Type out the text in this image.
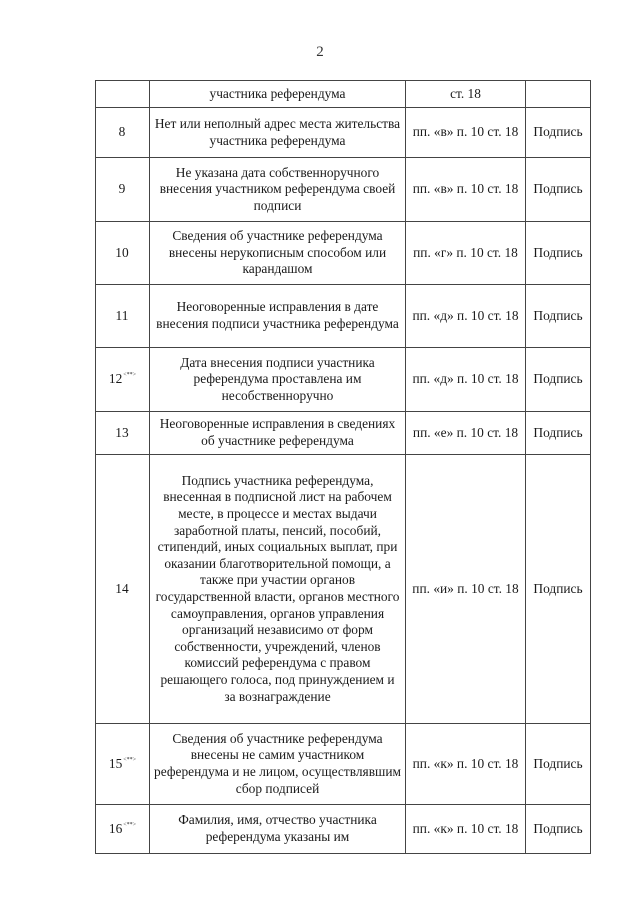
2
	участника референдума	ст. 18	
8	Нет или неполный адрес места жительства участника референдума	пп. «в» п. 10 ст. 18	Подпись
9	Не указана дата собственноручного внесения участником референдума своей подписи	пп. «в» п. 10 ст. 18	Подпись
10	Сведения об участнике референдума внесены нерукописным способом или карандашом	пп. «г» п. 10 ст. 18	Подпись
11	Неоговоренные исправления в дате внесения подписи участника референдума	пп. «д» п. 10 ст. 18	Подпись
12<**>	Дата внесения подписи участника референдума проставлена им несобственноручно	пп. «д» п. 10 ст. 18	Подпись
13	Неоговоренные исправления в сведениях об участнике референдума	пп. «е» п. 10 ст. 18	Подпись
14	Подпись участника референдума, внесенная в подписной лист на рабочем месте, в процессе и местах выдачи заработной платы, пенсий, пособий, стипендий, иных социальных выплат, при оказании благотворительной помощи, а также при участии органов государственной власти, органов местного самоуправления, органов управления организаций независимо от форм собственности, учреждений, членов комиссий референдума с правом решающего голоса, под принуждением и за вознаграждение	пп. «и» п. 10 ст. 18	Подпись
15<**>	Сведения об участнике референдума внесены не самим участником референдума и не лицом, осуществлявшим сбор подписей	пп. «к» п. 10 ст. 18	Подпись
16<**>	Фамилия, имя, отчество участника референдума указаны им	пп. «к» п. 10 ст. 18	Подпись
